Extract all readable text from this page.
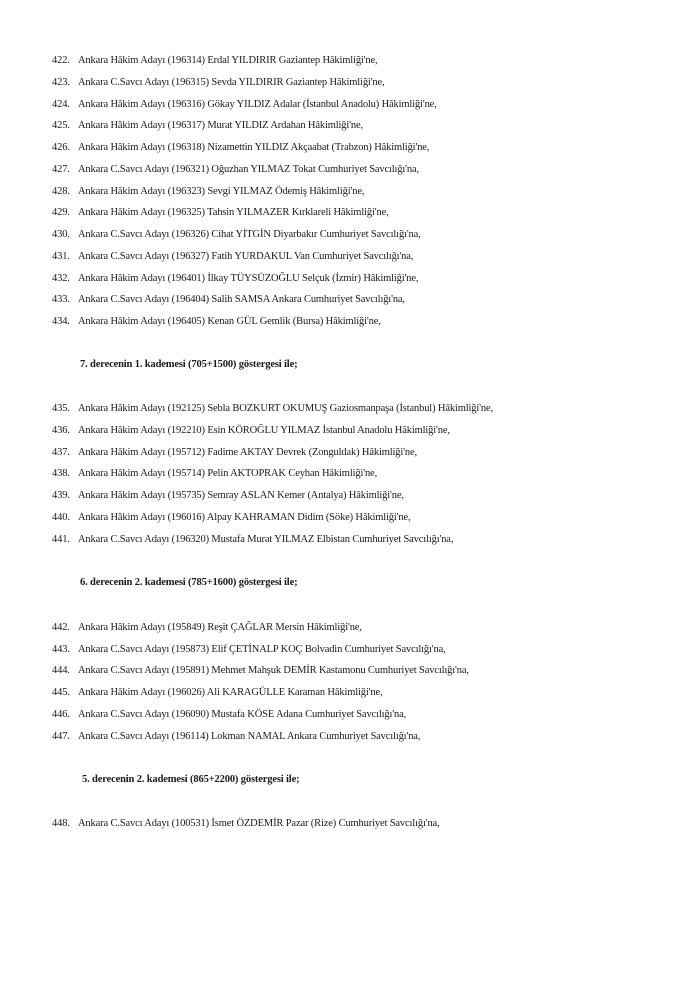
422. Ankara Hâkim Adayı (196314) Erdal YILDIRIR Gaziantep Hâkimliği'ne,
423. Ankara C.Savcı Adayı (196315) Sevda YILDIRIR Gaziantep Hâkimliği'ne,
424. Ankara Hâkim Adayı (196316) Gökay YILDIZ Adalar (İstanbul Anadolu) Hâkimliği'ne,
425. Ankara Hâkim Adayı (196317) Murat YILDIZ Ardahan Hâkimliği'ne,
426. Ankara Hâkim Adayı (196318) Nizamettin YILDIZ Akçaabat (Trabzon) Hâkimliği'ne,
427. Ankara C.Savcı Adayı (196321) Oğuzhan YILMAZ Tokat Cumhuriyet Savcılığı'na,
428. Ankara Hâkim Adayı (196323) Sevgi YILMAZ Ödemiş Hâkimliği'ne,
429. Ankara Hâkim Adayı (196325) Tahsin YILMAZER Kırklareli Hâkimliği'ne,
430. Ankara C.Savcı Adayı (196326) Cihat YİTGİN Diyarbakır Cumhuriyet Savcılığı'na,
431. Ankara C.Savcı Adayı (196327) Fatih YURDAKUL Van Cumhuriyet Savcılığı'na,
432. Ankara Hâkim Adayı (196401) İlkay TÜYSÜZOĞLU Selçuk (İzmir) Hâkimliği'ne,
433. Ankara C.Savcı Adayı (196404) Salih SAMSA Ankara Cumhuriyet Savcılığı'na,
434. Ankara Hâkim Adayı (196405) Kenan GÜL Gemlik (Bursa) Hâkimliği'ne,
7. derecenin 1. kademesi (705+1500) göstergesi ile;
435. Ankara Hâkim Adayı (192125) Sebla BOZKURT OKUMUŞ Gaziosmanpaşa (İstanbul) Hâkimliği'ne,
436. Ankara Hâkim Adayı (192210) Esin KÖROĞLU YILMAZ İstanbul Anadolu Hâkimliği'ne,
437. Ankara Hâkim Adayı (195712) Fadime AKTAY Devrek (Zonguldak) Hâkimliği'ne,
438. Ankara Hâkim Adayı (195714) Pelin AKTOPRAK Ceyhan Hâkimliği'ne,
439. Ankara Hâkim Adayı (195735) Semray ASLAN Kemer (Antalya) Hâkimliği'ne,
440. Ankara Hâkim Adayı (196016) Alpay KAHRAMAN Didim (Söke) Hâkimliği'ne,
441. Ankara C.Savcı Adayı (196320) Mustafa Murat YILMAZ Elbistan Cumhuriyet Savcılığı'na,
6. derecenin 2. kademesi (785+1600) göstergesi ile;
442. Ankara Hâkim Adayı (195849) Reşit ÇAĞLAR Mersin Hâkimliği'ne,
443. Ankara C.Savcı Adayı (195873) Elif ÇETİNALP KOÇ Bolvadin Cumhuriyet Savcılığı'na,
444. Ankara C.Savcı Adayı (195891) Mehmet Mahşuk DEMİR Kastamonu Cumhuriyet Savcılığı'na,
445. Ankara Hâkim Adayı (196026) Ali KARAGÜLLE Karaman Hâkimliği'ne,
446. Ankara C.Savcı Adayı (196090) Mustafa KÖSE Adana Cumhuriyet Savcılığı'na,
447. Ankara C.Savcı Adayı (196114) Lokman NAMAL Ankara Cumhuriyet Savcılığı'na,
5. derecenin 2. kademesi (865+2200) göstergesi ile;
448. Ankara C.Savcı Adayı (100531) İsmet ÖZDEMİR Pazar (Rize) Cumhuriyet Savcılığı'na,
